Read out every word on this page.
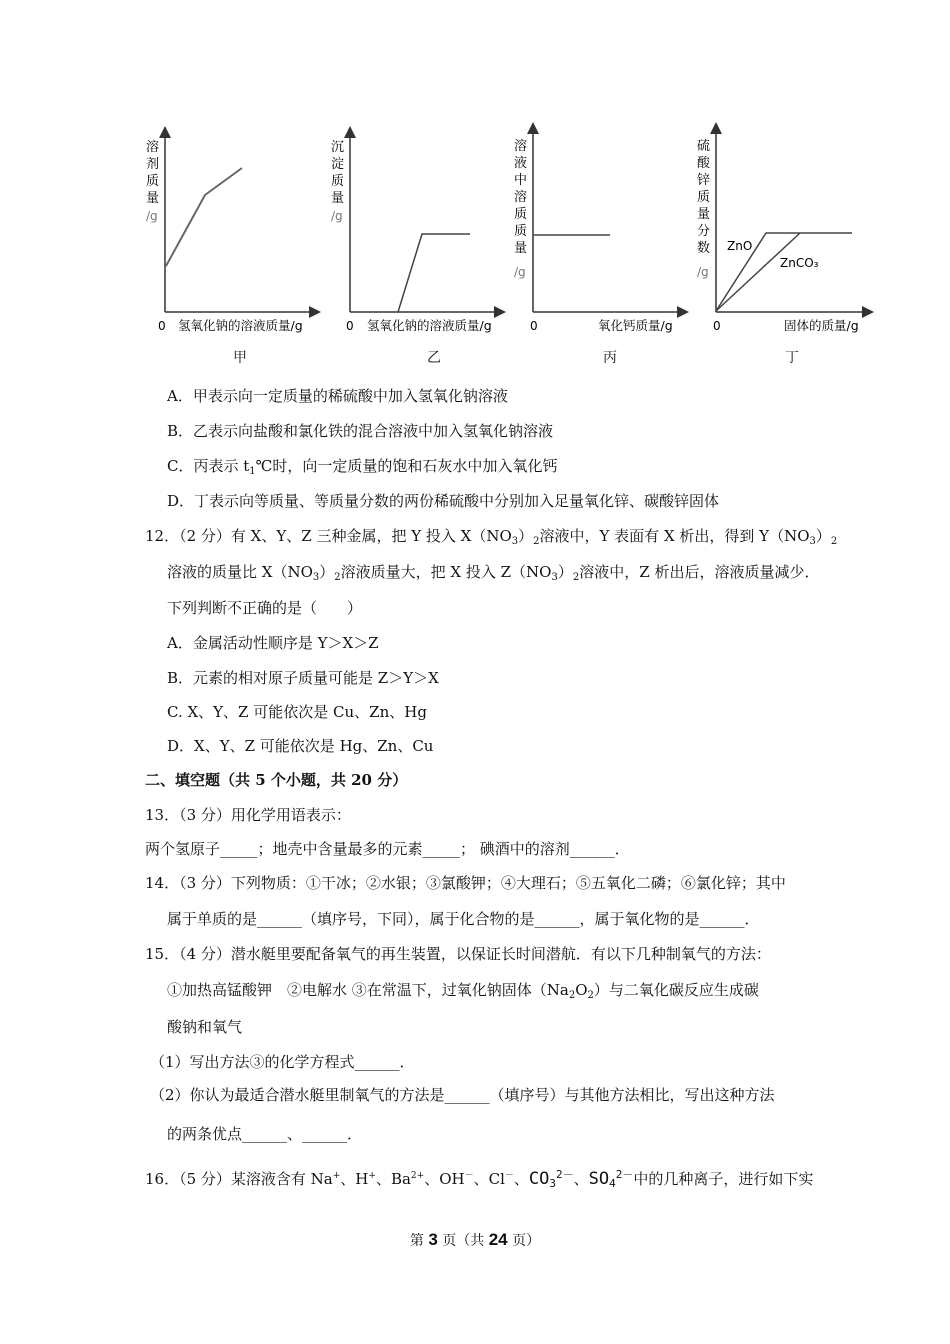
溶
剂
质
量
/g
0 氢氧化钠的溶液质量/g
沉
淀
质
量
/g
0 氢氧化钠的溶液质量/g
溶
液
中
溶
质
质
量
/g
0	氧化钙质量/g
硫
酸
锌
质
量
分
数
/g
ZnO
ZnCO₃
0	固体的质量/g
甲	乙	丙	丁
A．甲表示向一定质量的稀硫酸中加入氢氧化钠溶液
B．乙表示向盐酸和氯化铁的混合溶液中加入氢氧化钠溶液
C．丙表示 $t_1℃$时，向一定质量的饱和石灰水中加入氧化钙
D．丁表示向等质量、等质量分数的两份稀硫酸中分别加入足量氧化锌、碳酸锌固体
12．（2 分）有 X、Y、Z 三种金属，把 Y 投入 $X(NO_3)_2$溶液中，Y 表面有 X 析出，得到 $Y(NO_3)_2$
溶液的质量比 $X(NO_3)_2$溶液质量大，把 X 投入 $Z(NO_3)_2$溶液中，Z 析出后，溶液质量减少．
下列判断不正确的是（　　）
A．金属活动性顺序是 Y＞X＞Z
B．元素的相对原子质量可能是 Z＞Y＞X
C. X、Y、Z 可能依次是 Cu、Zn、Hg
D．X、Y、Z 可能依次是 Hg、Zn、Cu
二、填空题（共 5 个小题，共 20 分）
13．（3 分）用化学用语表示：
两个氢原子_____；地壳中含量最多的元素_____； 碘酒中的溶剂______．
14．（3 分）下列物质：①干冰；②水银；③氯酸钾；④大理石；⑤五氧化二磷；⑥氯化锌；其中
属于单质的是______（填序号，下同），属于化合物的是______，属于氧化物的是______．
15．（4 分）潜水艇里要配备氧气的再生装置，以保证长时间潜航．有以下几种制氧气的方法：
①加热高锰酸钾　②电解水 ③在常温下，过氧化钠固体$(Na_2O_2)$与二氧化碳反应生成碳
酸钠和氧气
（1）写出方法③的化学方程式______．
（2）你认为最适合潜水艇里制氧气的方法是______（填序号）与其他方法相比，写出这种方法
的两条优点______、______．
16．（5 分）某溶液含有 Na+、H+、$Ba^{2+}$、OH－、Cl－、$CO_3^{2-}$、$SO_4^{2-}$中的几种离子，进行如下实
第 3 页（共 24 页）
